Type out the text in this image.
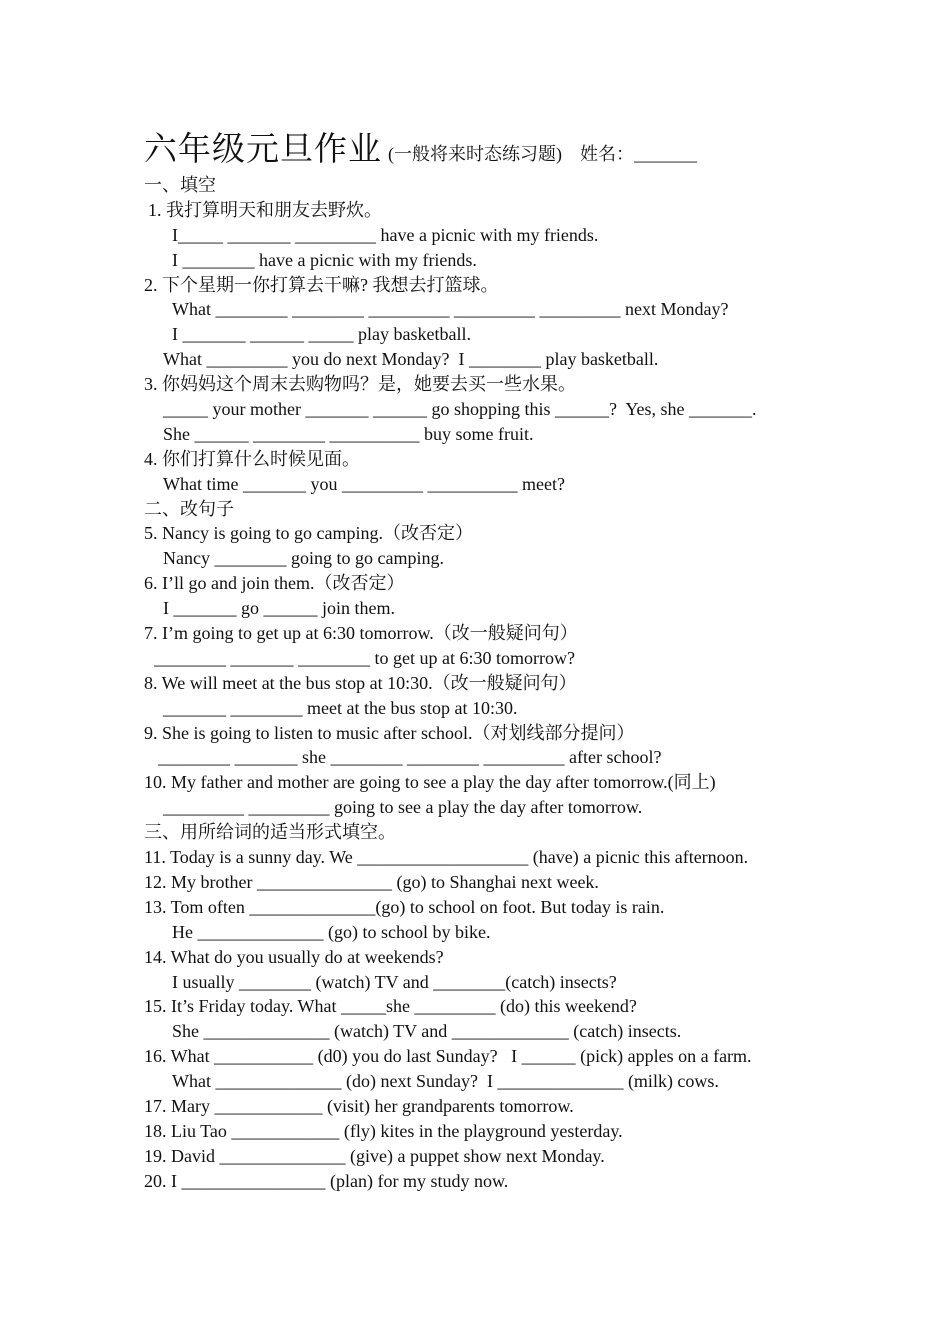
六年级元旦作业 (一般将来时态练习题) 姓名：_______
一、填空
1. 我打算明天和朋友去野炊。
I_____ _______ _________ have a picnic with my friends.
I ________ have a picnic with my friends.
2. 下个星期一你打算去干嘛? 我想去打篮球。
What ________ ________ _________ _________ _________ next Monday?
I _______ ______ _____ play basketball.
What _________ you do next Monday?  I ________ play basketball.
3. 你妈妈这个周末去购物吗？是，她要去买一些水果。
_____ your mother _______ ______ go shopping this ______?  Yes, she _______.
She ______ ________ __________ buy some fruit.
4. 你们打算什么时候见面。
What time _______ you _________ __________ meet?
二、改句子
5. Nancy is going to go camping.（改否定）
Nancy ________ going to go camping.
6. I’ll go and join them.（改否定）
I _______ go ______ join them.
7. I’m going to get up at 6:30 tomorrow.（改一般疑问句）
________ _______ ________ to get up at 6:30 tomorrow?
8. We will meet at the bus stop at 10:30.（改一般疑问句）
_______ ________ meet at the bus stop at 10:30.
9. She is going to listen to music after school.（对划线部分提问）
________ _______ she ________ ________ _________ after school?
10. My father and mother are going to see a play the day after tomorrow.(同上)
_________ _________ going to see a play the day after tomorrow.
三、用所给词的适当形式填空。
11. Today is a sunny day. We ___________________ (have) a picnic this afternoon.
12. My brother _______________ (go) to Shanghai next week.
13. Tom often ______________(go) to school on foot. But today is rain.
He ______________ (go) to school by bike.
14. What do you usually do at weekends?
I usually ________ (watch) TV and ________(catch) insects?
15. It’s Friday today. What _____she _________ (do) this weekend?
She ______________ (watch) TV and _____________ (catch) insects.
16. What ___________ (d0) you do last Sunday?   I ______ (pick) apples on a farm.
What ______________ (do) next Sunday?  I ______________ (milk) cows.
17. Mary ____________ (visit) her grandparents tomorrow.
18. Liu Tao ____________ (fly) kites in the playground yesterday.
19. David ______________ (give) a puppet show next Monday.
20. I ________________ (plan) for my study now.
